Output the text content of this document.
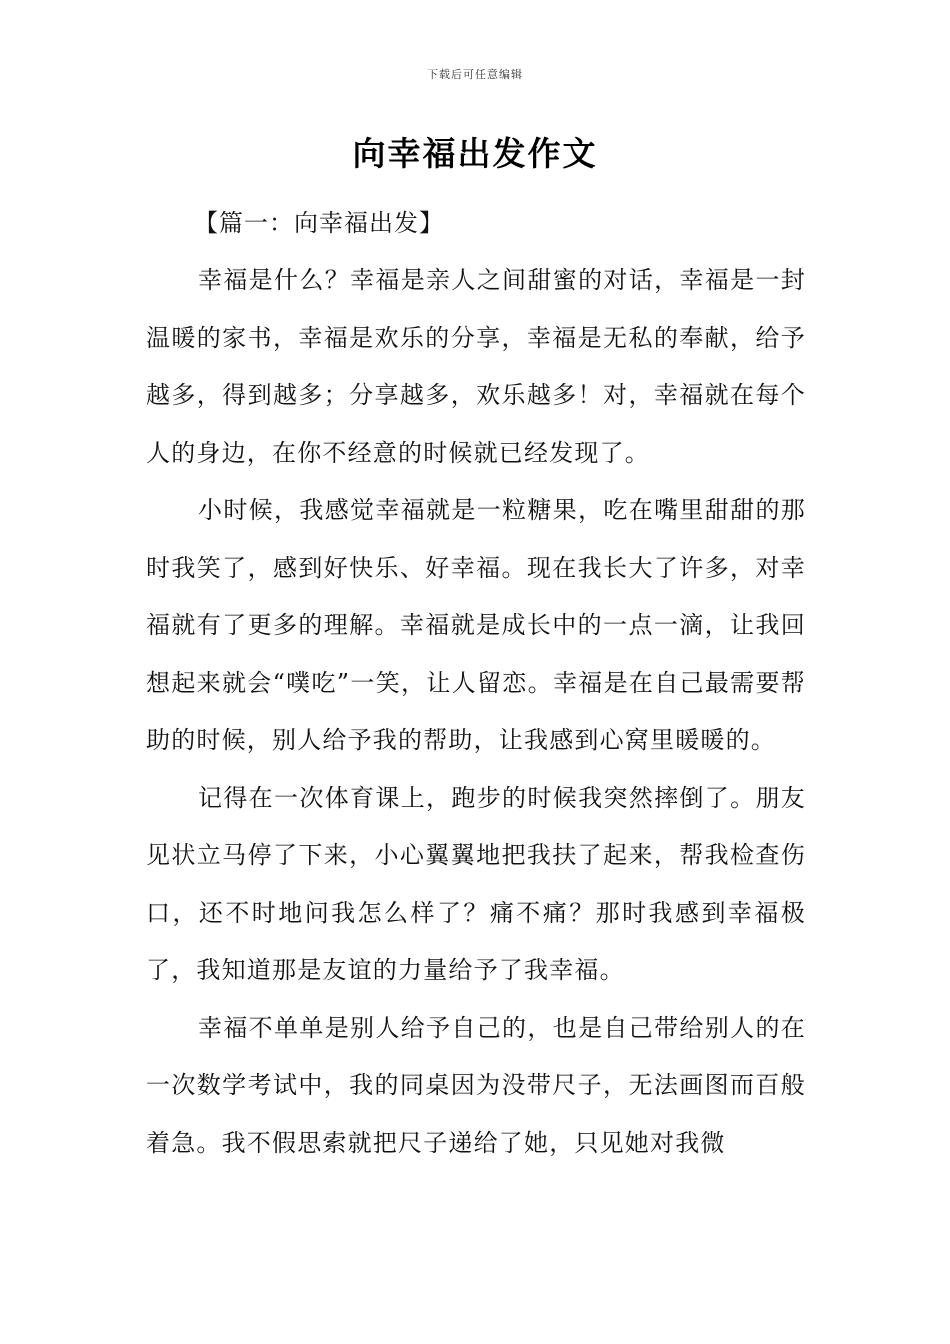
下载后可任意编辑
向幸福出发作文

【篇一：向幸福出发】

幸福是什么？幸福是亲人之间甜蜜的对话，幸福是一封温暖的家书，幸福是欢乐的分享，幸福是无私的奉献，给予越多，得到越多；分享越多，欢乐越多！对，幸福就在每个人的身边，在你不经意的时候就已经发现了。

小时候，我感觉幸福就是一粒糖果，吃在嘴里甜甜的那时我笑了，感到好快乐、好幸福。现在我长大了许多，对幸福就有了更多的理解。幸福就是成长中的一点一滴，让我回想起来就会“噗吃”一笑，让人留恋。幸福是在自己最需要帮助的时候，别人给予我的帮助，让我感到心窝里暖暖的。

记得在一次体育课上，跑步的时候我突然摔倒了。朋友见状立马停了下来，小心翼翼地把我扶了起来，帮我检查伤口，还不时地问我怎么样了？痛不痛？那时我感到幸福极了，我知道那是友谊的力量给予了我幸福。

幸福不单单是别人给予自己的，也是自己带给别人的在一次数学考试中，我的同桌因为没带尺子，无法画图而百般着急。我不假思索就把尺子递给了她，只见她对我微
